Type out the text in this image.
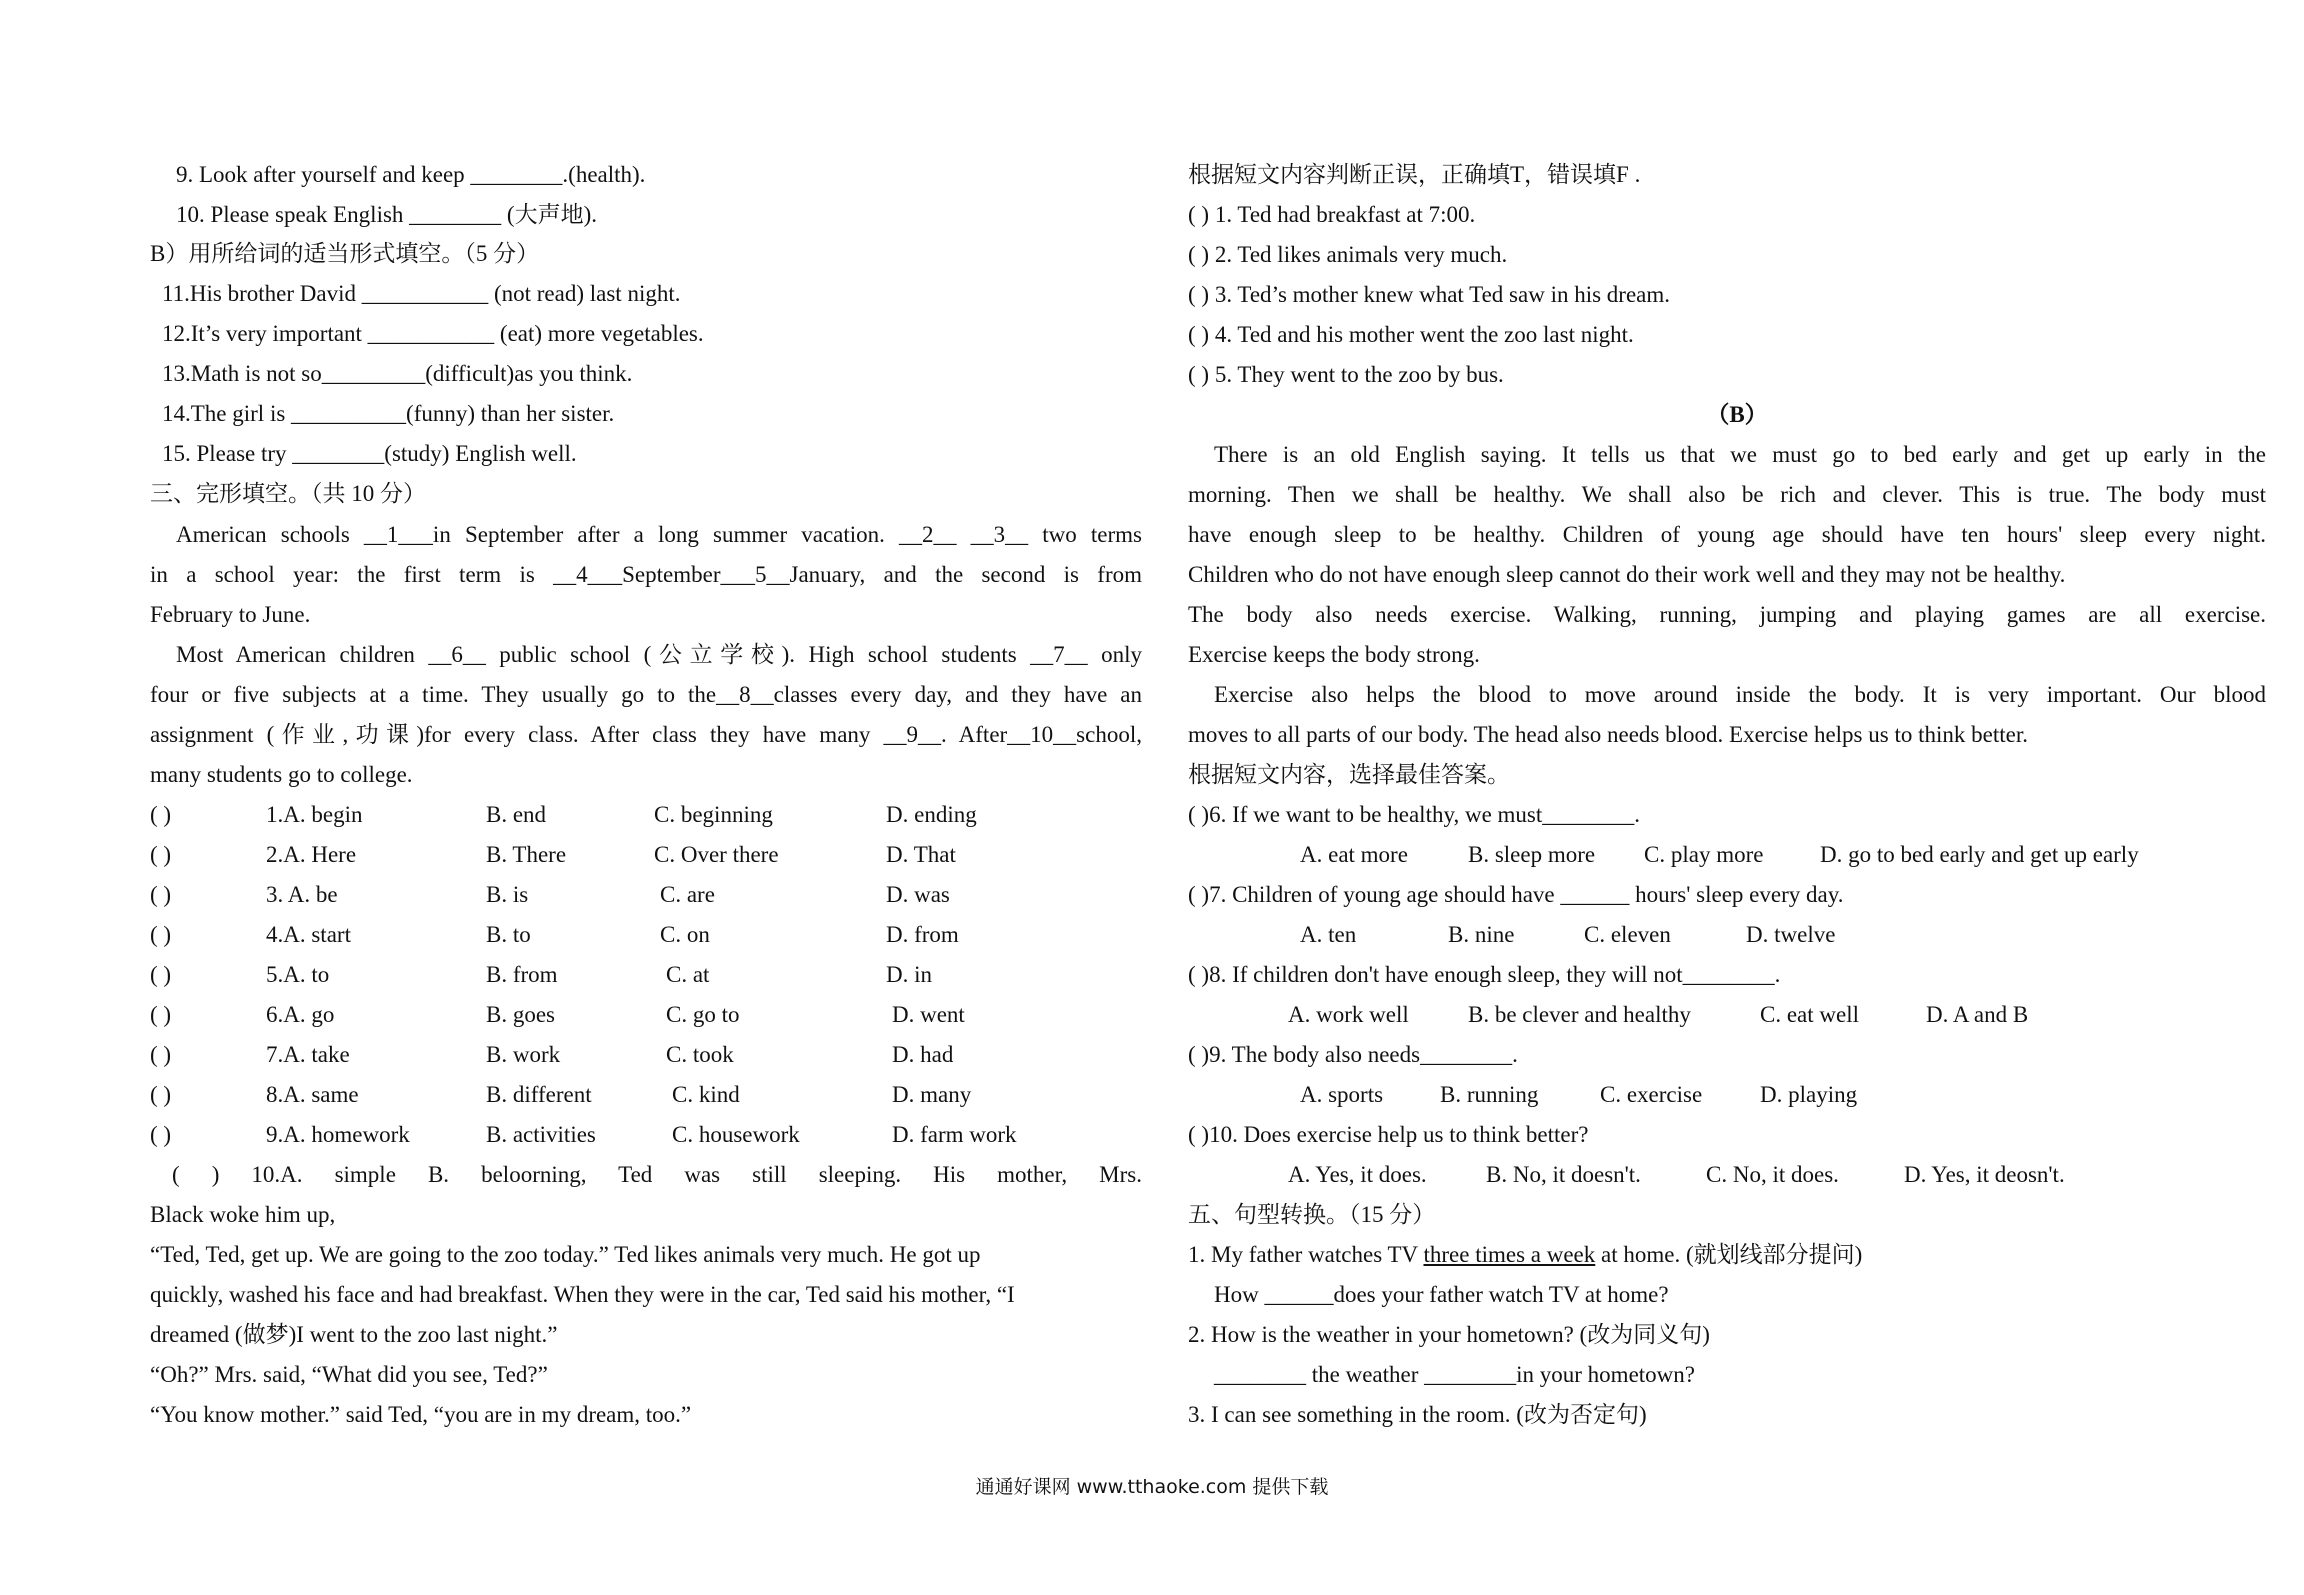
9. Look after yourself and keep ________.(health).
10. Please speak English ________ (大声地).
B）用所给词的适当形式填空。（5 分）
11.His brother David ___________ (not read) last night.
12.It’s very important ___________ (eat) more vegetables.
13.Math is not so_________(difficult)as you think.
14.The girl is __________(funny) than her sister.
15. Please try ________(study) English well.
三、完形填空。（共 10 分）
American schools __1___in September after a long summer vacation. __2__ __3__ two terms
in a school year: the first term is __4___September___5__January, and the second is from
February to June.
Most American children __6__ public school (公立学校). High school students __7__ only
four or five subjects at a time. They usually go to the__8__classes every day, and they have an
assignment (作业,功课)for every class. After class they have many __9__. After__10__school,
many students go to college.
( )	1.A. begin	B. end	C. beginning	D. ending
( )	2.A. Here	B. There	C. Over there	D. That
( )	3. A. be	B. is	C. are	D. was
( )	4.A. start	B. to	C. on	D. from
( )	5.A. to	B. from	C. at	D. in
( )	6.A. go	B. goes	C. go to	D. went
( )	7.A. take	B. work	C. took	D. had
( )	8.A. same	B. different	C. kind	D. many
( )	9.A. homework	B. activities	C. housework	D. farm work
( ) 10.A. simple B. beloorning, Ted was still sleeping. His mother, Mrs.
Black woke him up,
“Ted, Ted, get up. We are going to the zoo today.” Ted likes animals very much. He got up
quickly, washed his face and had breakfast. When they were in the car, Ted said his mother, “I
dreamed (做梦)I went to the zoo last night.”
“Oh?” Mrs. said, “What did you see, Ted?”
“You know mother.” said Ted, “you are in my dream, too.”
根据短文内容判断正误，正确填T，错误填F .
( ) 1. Ted had breakfast at 7:00.
( ) 2. Ted likes animals very much.
( ) 3. Ted’s mother knew what Ted saw in his dream.
( ) 4. Ted and his mother went the zoo last night.
( ) 5. They went to the zoo by bus.
（B）
There is an old English saying. It tells us that we must go to bed early and get up early in the
morning. Then we shall be healthy. We shall also be rich and clever. This is true. The body must
have enough sleep to be healthy. Children of young age should have ten hours' sleep every night.
Children who do not have enough sleep cannot do their work well and they may not be healthy.
The body also needs exercise. Walking, running, jumping and playing games are all exercise.
Exercise keeps the body strong.
Exercise also helps the blood to move around inside the body. It is very important. Our blood
moves to all parts of our body. The head also needs blood. Exercise helps us to think better.
根据短文内容，选择最佳答案。
( )6. If we want to be healthy, we must________.
A. eat more	B. sleep more C. play more D. go to bed early and get up early
( )7. Children of young age should have ______ hours' sleep every day.
A. ten	B. nine	C. eleven	D. twelve
( )8. If children don't have enough sleep, they will not________.
A. work well	B. be clever and healthy	C. eat well	D. A and B
( )9. The body also needs________.
A. sports B. running	C. exercise	D. playing
( )10. Does exercise help us to think better?
A. Yes, it does.	B. No, it doesn't.	C. No, it does.	D. Yes, it deosn't.
五、句型转换。（15 分）
1. My father watches TV three times a week at home. (就划线部分提问)
How ______does your father watch TV at home?
2. How is the weather in your hometown? (改为同义句)
________ the weather ________in your hometown?
3. I can see something in the room. (改为否定句)
通通好课网 www.tthaoke.com 提供下载
